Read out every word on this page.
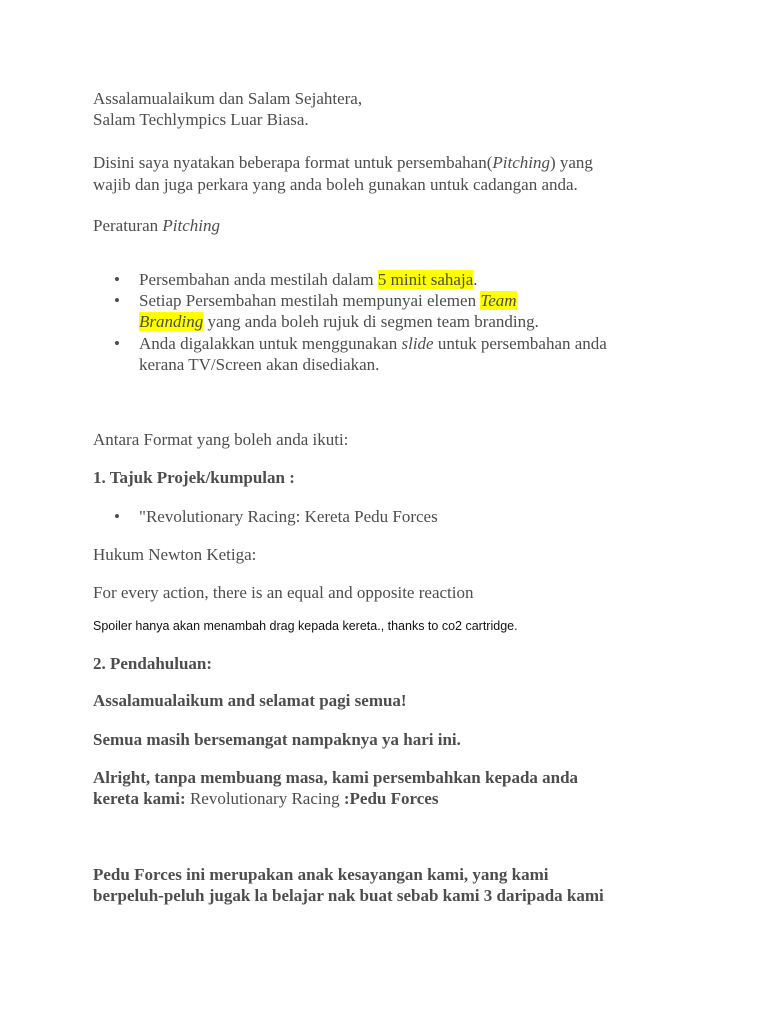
Assalamualaikum dan Salam Sejahtera,
Salam Techlympics Luar Biasa.
Disini saya nyatakan beberapa format untuk persembahan(Pitching) yang
wajib dan juga perkara yang anda boleh gunakan untuk cadangan anda.
Peraturan Pitching
• Persembahan anda mestilah dalam 5 minit sahaja.
• Setiap Persembahan mestilah mempunyai elemen Team
Branding yang anda boleh rujuk di segmen team branding.
• Anda digalakkan untuk menggunakan slide untuk persembahan anda
kerana TV/Screen akan disediakan.
Antara Format yang boleh anda ikuti:
1. Tajuk Projek/kumpulan :
• "Revolutionary Racing: Kereta Pedu Forces
Hukum Newton Ketiga:
For every action, there is an equal and opposite reaction
Spoiler hanya akan menambah drag kepada kereta., thanks to co2 cartridge.
2. Pendahuluan:
Assalamualaikum and selamat pagi semua!
Semua masih bersemangat nampaknya ya hari ini.
Alright, tanpa membuang masa, kami persembahkan kepada anda
kereta kami: Revolutionary Racing :Pedu Forces
Pedu Forces ini merupakan anak kesayangan kami, yang kami
berpeluh-peluh jugak la belajar nak buat sebab kami 3 daripada kami
